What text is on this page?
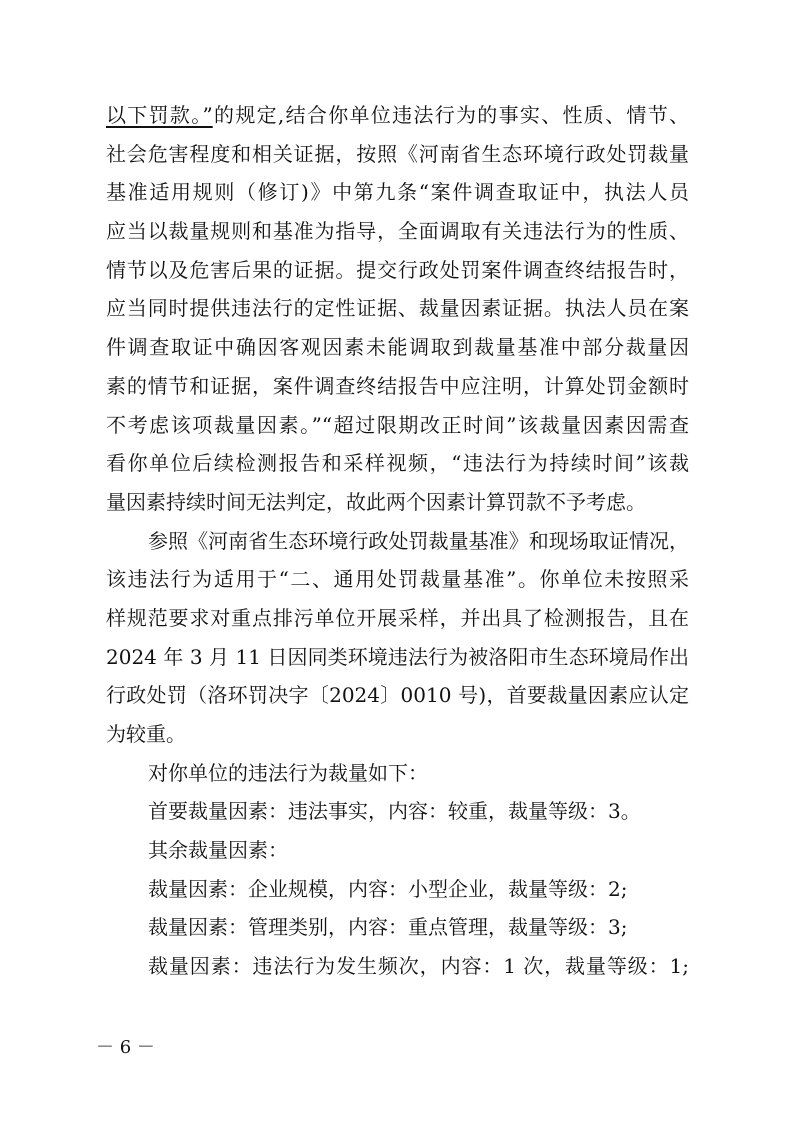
以下罚款。”的规定,结合你单位违法行为的事实、性质、情节、
社会危害程度和相关证据，按照《河南省生态环境行政处罚裁量
基准适用规则（修订)》中第九条“案件调查取证中，执法人员
应当以裁量规则和基准为指导，全面调取有关违法行为的性质、
情节以及危害后果的证据。提交行政处罚案件调查终结报告时，
应当同时提供违法行的定性证据、裁量因素证据。执法人员在案
件调查取证中确因客观因素未能调取到裁量基准中部分裁量因
素的情节和证据，案件调查终结报告中应注明，计算处罚金额时
不考虑该项裁量因素。”“超过限期改正时间”该裁量因素因需查
看你单位后续检测报告和采样视频，“违法行为持续时间”该裁
量因素持续时间无法判定，故此两个因素计算罚款不予考虑。
参照《河南省生态环境行政处罚裁量基准》和现场取证情况，
该违法行为适用于“二、通用处罚裁量基准”。你单位未按照采
样规范要求对重点排污单位开展采样，并出具了检测报告，且在
2024 年 3 月 11 日因同类环境违法行为被洛阳市生态环境局作出
行政处罚（洛环罚决字〔2024〕0010 号)，首要裁量因素应认定
为较重。
对你单位的违法行为裁量如下：
首要裁量因素：违法事实，内容：较重，裁量等级：3。
其余裁量因素：
裁量因素：企业规模，内容：小型企业，裁量等级：2;
裁量因素：管理类别，内容：重点管理，裁量等级：3;
裁量因素：违法行为发生频次，内容：1 次，裁量等级：1;
－ 6 －
